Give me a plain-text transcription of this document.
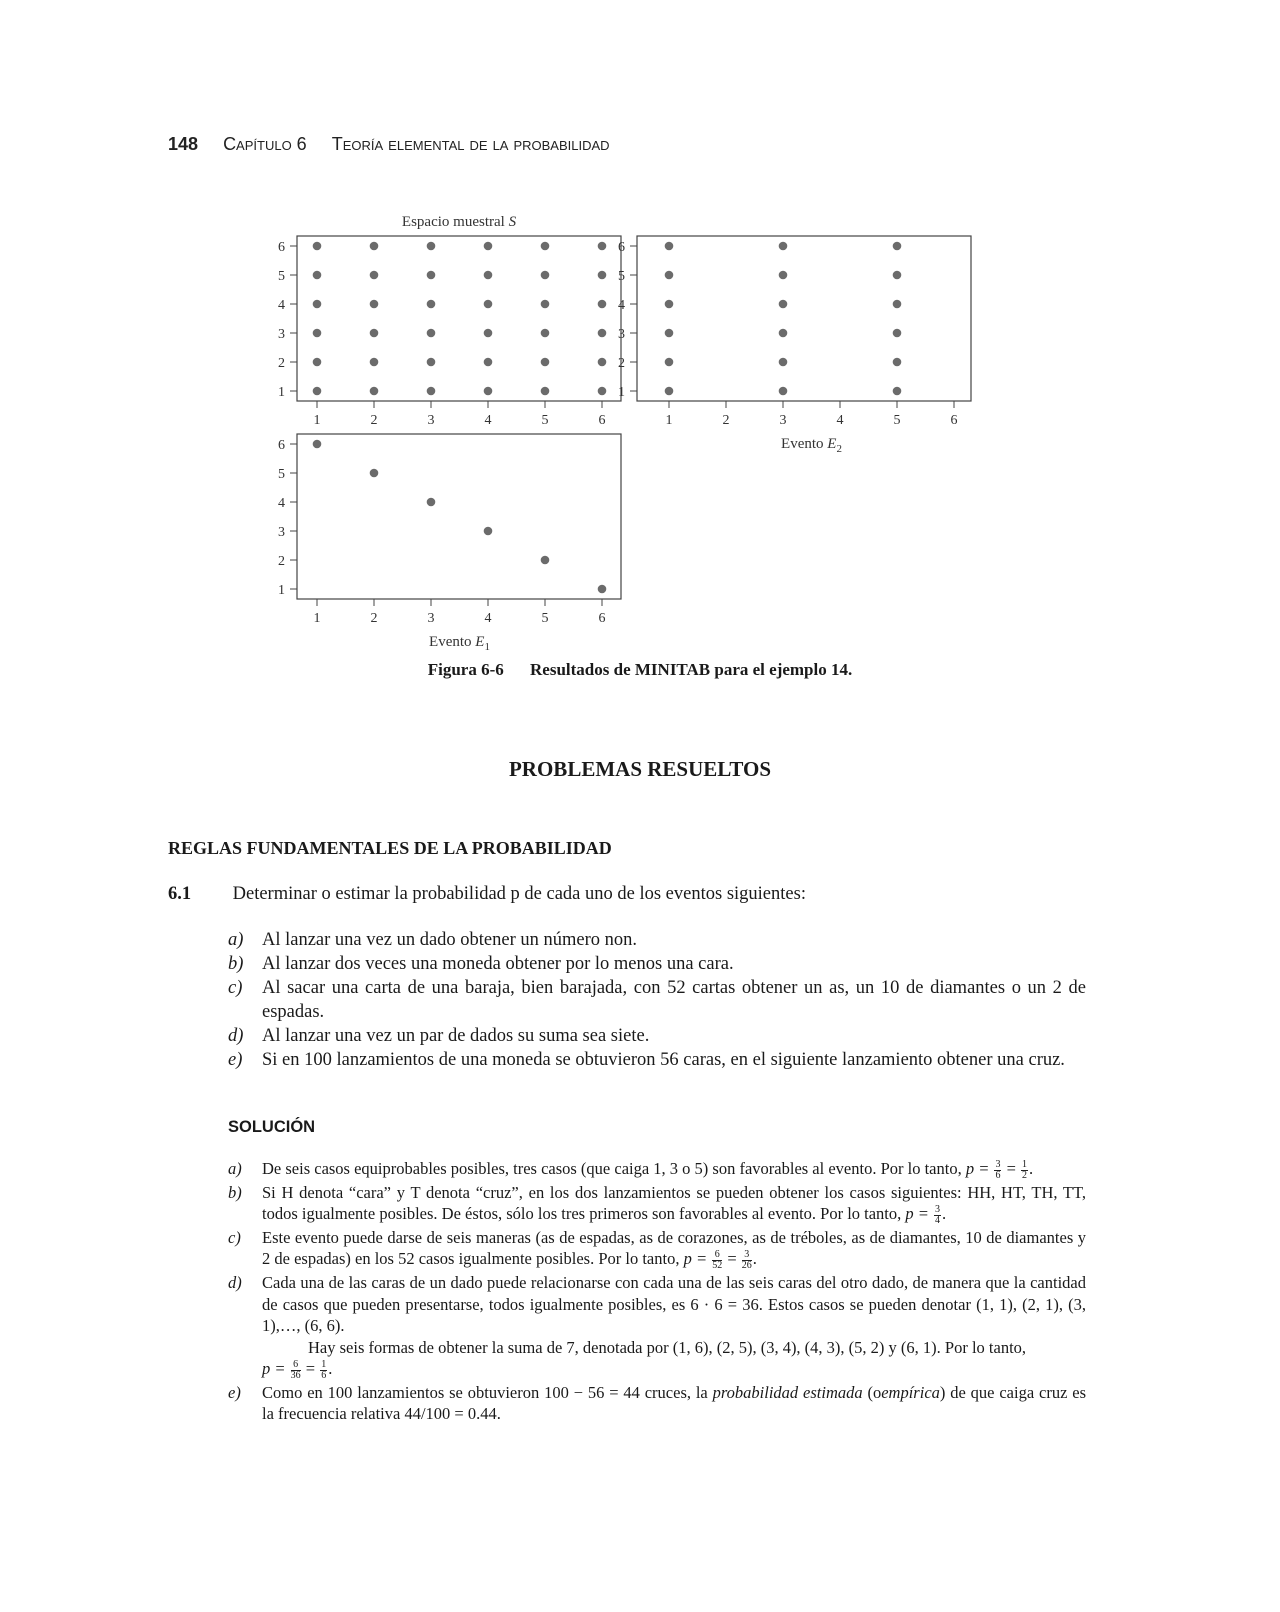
148 Capítulo 6 Teoría elemental de la probabilidad
1
2
3
4
5
6
1	2	3	4	5	6
Espacio muestral S
1
2
3
4
5
6
1	2	3	4	5	6
Evento $E_2$
1
2
3
4
5
6
1	2	3	4	5	6
Evento $E_1$
Figura 6-6 Resultados de MINITAB para el ejemplo 14.
PROBLEMAS RESUELTOS
REGLAS FUNDAMENTALES DE LA PROBABILIDAD
6.1 Determinar o estimar la probabilidad p de cada uno de los eventos siguientes:
a)	Al lanzar una vez un dado obtener un número non.
b)	Al lanzar dos veces una moneda obtener por lo menos una cara.
c)	Al sacar una carta de una baraja, bien barajada, con 52 cartas obtener un as, un 10 de diamantes o un 2 de espadas.
d)	Al lanzar una vez un par de dados su suma sea siete.
e)	Si en 100 lanzamientos de una moneda se obtuvieron 56 caras, en el siguiente lanzamiento obtener una cruz.
SOLUCIÓN
a)	De seis casos equiprobables posibles, tres casos (que caiga 1, 3 o 5) son favorables al evento. Por lo tanto, $p = \frac{3}{6} = \frac{1}{2}$ .
b)	Si H denota “cara” y T denota “cruz”, en los dos lanzamientos se pueden obtener los casos siguientes: HH, HT, TH, TT, todos igualmente posibles. De éstos, sólo los tres primeros son favorables al evento. Por lo tanto, $p = \frac{3}{4}$ .
c)	Este evento puede darse de seis maneras (as de espadas, as de corazones, as de tréboles, as de diamantes, 10 de diamantes y 2 de espadas) en los 52 casos igualmente posibles. Por lo tanto, $p = \frac{6}{52} = \frac{3}{26}$ .
d)	Cada una de las caras de un dado puede relacionarse con cada una de las seis caras del otro dado, de manera que la cantidad de casos que pueden presentarse, todos igualmente posibles, es 6 · 6 = 36. Estos casos se pueden denotar (1, 1), (2, 1), (3, 1),…, (6, 6).
Hay seis formas de obtener la suma de 7, denotada por (1, 6), (2, 5), (3, 4), (4, 3), (5, 2) y (6, 1). Por lo tanto,
$p = \frac{6}{36} = \frac{1}{6}$ .
e)	Como en 100 lanzamientos se obtuvieron 100 − 56 = 44 cruces, la probabilidad estimada (oempírica) de que caiga cruz es la frecuencia relativa 44/100 = 0.44.
